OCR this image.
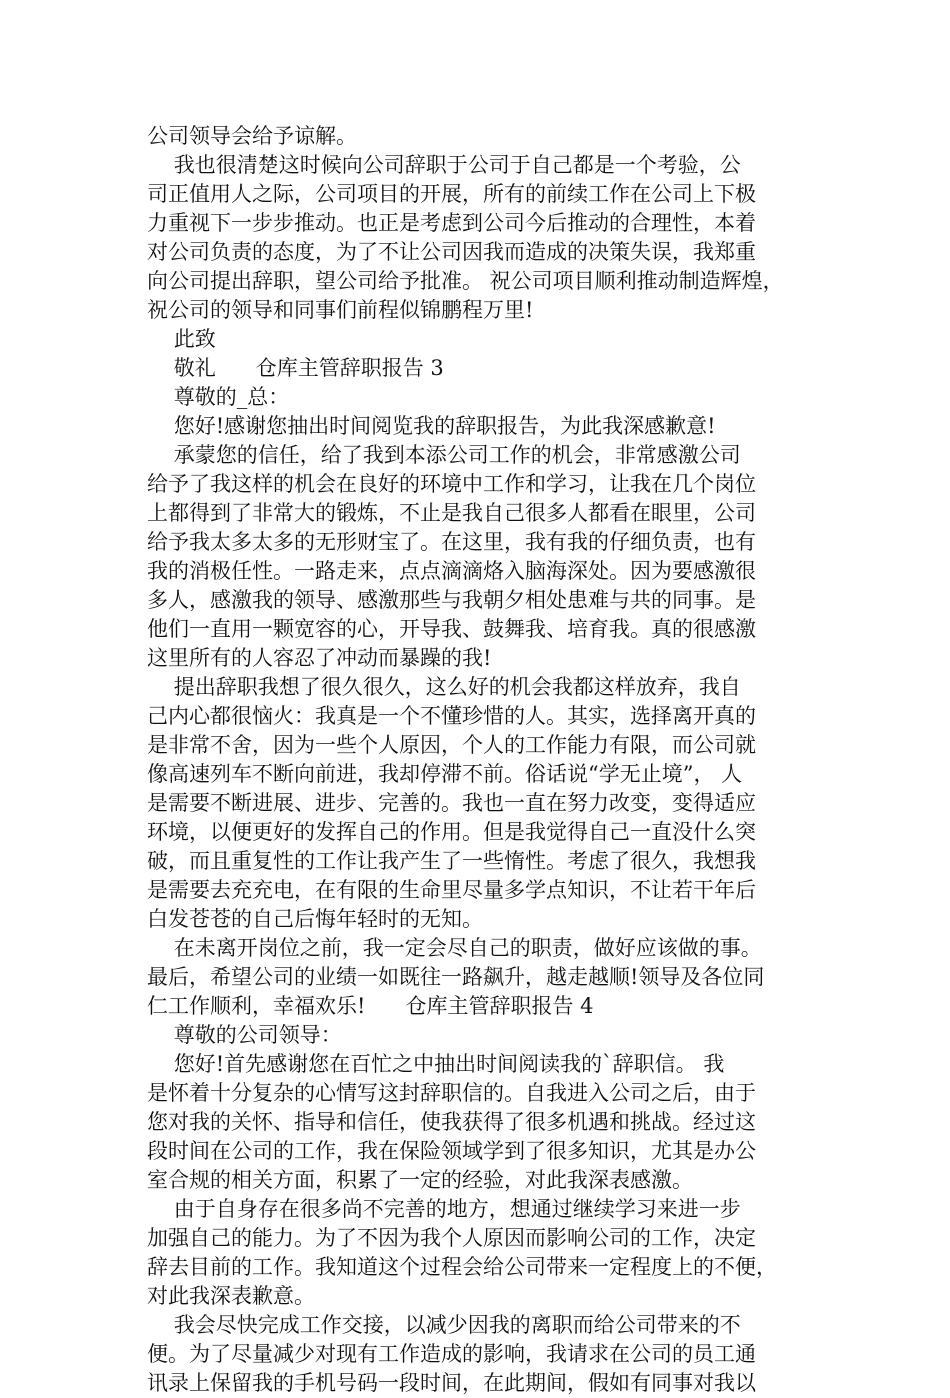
公司领导会给予谅解。
我也很清楚这时候向公司辞职于公司于自己都是一个考验，公
司正值用人之际，公司项目的开展，所有的前续工作在公司上下极
力重视下一步步推动。也正是考虑到公司今后推动的合理性，本着
对公司负责的态度，为了不让公司因我而造成的决策失误，我郑重
向公司提出辞职，望公司给予批准。 祝公司项目顺利推动制造辉煌，
祝公司的领导和同事们前程似锦鹏程万里!
此致
敬礼      仓库主管辞职报告 3
尊敬的_总：
您好!感谢您抽出时间阅览我的辞职报告，为此我深感歉意!
承蒙您的信任，给了我到本添公司工作的机会，非常感激公司
给予了我这样的机会在良好的环境中工作和学习，让我在几个岗位
上都得到了非常大的锻炼，不止是我自己很多人都看在眼里，公司
给予我太多太多的无形财宝了。在这里，我有我的仔细负责，也有
我的消极任性。一路走来，点点滴滴烙入脑海深处。因为要感激很
多人，感激我的领导、感激那些与我朝夕相处患难与共的同事。是
他们一直用一颗宽容的心，开导我、鼓舞我、培育我。真的很感激
这里所有的人容忍了冲动而暴躁的我!
提出辞职我想了很久很久，这么好的机会我都这样放弃，我自
己内心都很恼火：我真是一个不懂珍惜的人。其实，选择离开真的
是非常不舍，因为一些个人原因，个人的工作能力有限，而公司就
像高速列车不断向前进，我却停滞不前。俗话说“学无止境”， 人
是需要不断进展、进步、完善的。我也一直在努力改变，变得适应
环境，以便更好的发挥自己的作用。但是我觉得自己一直没什么突
破，而且重复性的工作让我产生了一些惰性。考虑了很久，我想我
是需要去充充电，在有限的生命里尽量多学点知识，不让若干年后
白发苍苍的自己后悔年轻时的无知。
在未离开岗位之前，我一定会尽自己的职责，做好应该做的事。
最后，希望公司的业绩一如既往一路飙升，越走越顺!领导及各位同
仁工作顺利，幸福欢乐!      仓库主管辞职报告 4
尊敬的公司领导：
您好!首先感谢您在百忙之中抽出时间阅读我的`辞职信。 我
是怀着十分复杂的心情写这封辞职信的。自我进入公司之后，由于
您对我的关怀、指导和信任，使我获得了很多机遇和挑战。经过这
段时间在公司的工作，我在保险领域学到了很多知识，尤其是办公
室合规的相关方面，积累了一定的经验，对此我深表感激。
由于自身存在很多尚不完善的地方，想通过继续学习来进一步
加强自己的能力。为了不因为我个人原因而影响公司的工作，决定
辞去目前的工作。我知道这个过程会给公司带来一定程度上的不便，
对此我深表歉意。
我会尽快完成工作交接，以减少因我的离职而给公司带来的不
便。为了尽量减少对现有工作造成的影响，我请求在公司的员工通
讯录上保留我的手机号码一段时间，在此期间，假如有同事对我以
